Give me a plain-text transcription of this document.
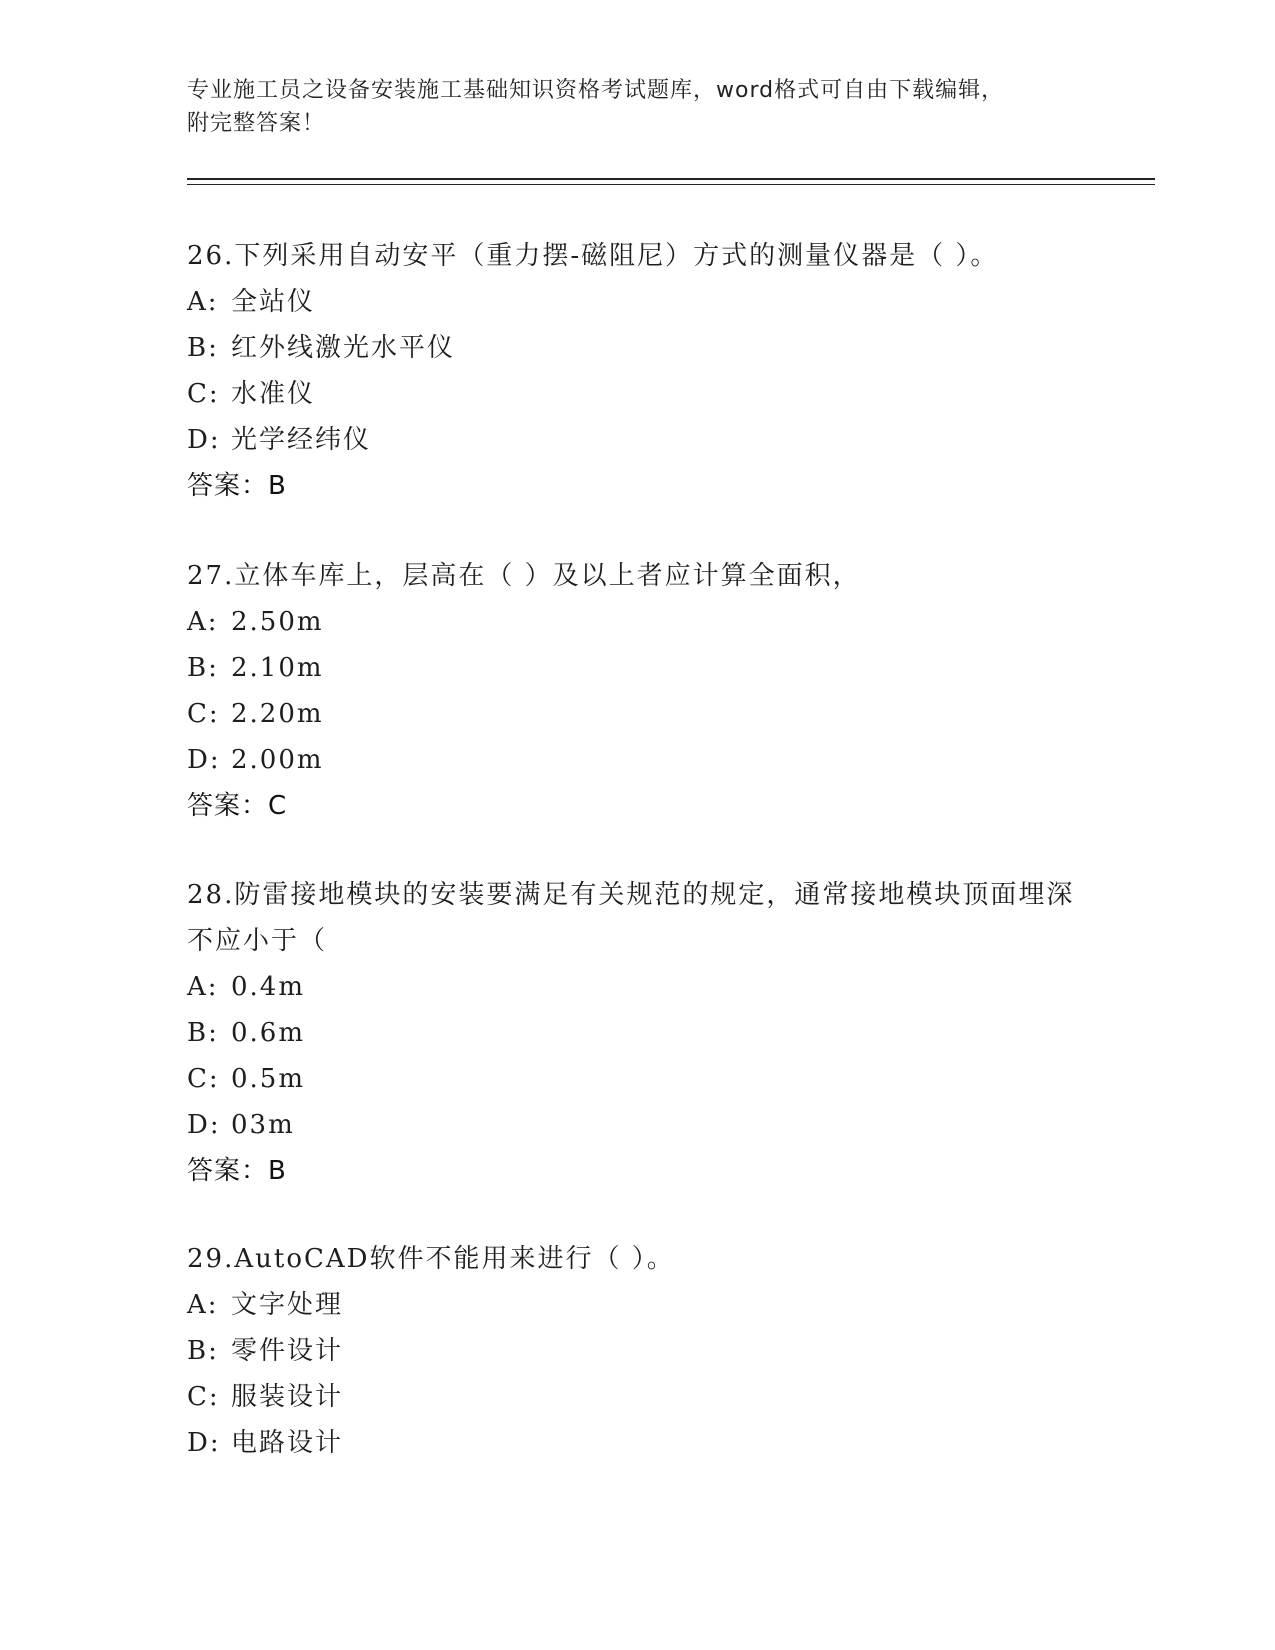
专业施工员之设备安装施工基础知识资格考试题库，word格式可自由下载编辑，

附完整答案！

26.下列采用自动安平（重力摆-磁阻尼）方式的测量仪器是（ ）。

A: 全站仪

B: 红外线激光水平仪

C: 水准仪

D: 光学经纬仪

答案：B

27.立体车库上，层高在（ ）及以上者应计算全面积，

A: 2.50m

B: 2.10m

C: 2.20m

D: 2.00m

答案：C

28.防雷接地模块的安装要满足有关规范的规定，通常接地模块顶面埋深不应小于（

A: 0.4m

B: 0.6m

C: 0.5m

D: 03m

答案：B

29.AutoCAD软件不能用来进行（ ）。

A: 文字处理

B: 零件设计

C: 服装设计

D: 电路设计
